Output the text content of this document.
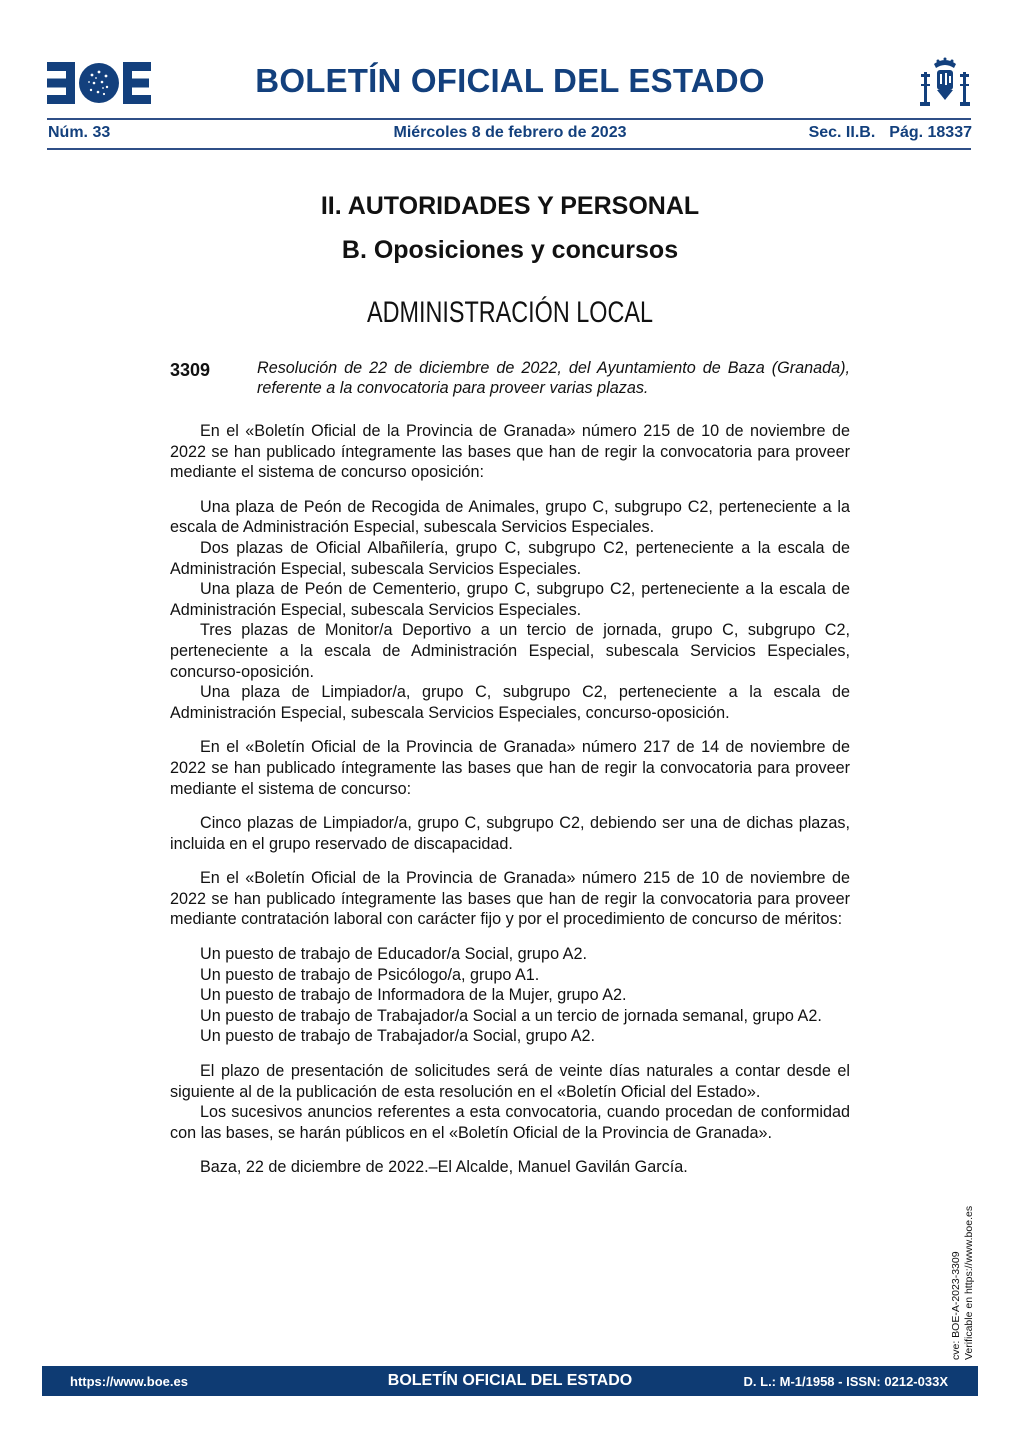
BOLETÍN OFICIAL DEL ESTADO
Núm. 33	Miércoles 8 de febrero de 2023	Sec. II.B. Pág. 18337
II. AUTORIDADES Y PERSONAL
B. Oposiciones y concursos
ADMINISTRACIÓN LOCAL
3309	Resolución de 22 de diciembre de 2022, del Ayuntamiento de Baza (Granada), referente a la convocatoria para proveer varias plazas.

En el «Boletín Oficial de la Provincia de Granada» número 215 de 10 de noviembre de 2022 se han publicado íntegramente las bases que han de regir la convocatoria para proveer mediante el sistema de concurso oposición:

Una plaza de Peón de Recogida de Animales, grupo C, subgrupo C2, perteneciente a la escala de Administración Especial, subescala Servicios Especiales.

Dos plazas de Oficial Albañilería, grupo C, subgrupo C2, perteneciente a la escala de Administración Especial, subescala Servicios Especiales.

Una plaza de Peón de Cementerio, grupo C, subgrupo C2, perteneciente a la escala de Administración Especial, subescala Servicios Especiales.

Tres plazas de Monitor/a Deportivo a un tercio de jornada, grupo C, subgrupo C2, perteneciente a la escala de Administración Especial, subescala Servicios Especiales, concurso-oposición.

Una plaza de Limpiador/a, grupo C, subgrupo C2, perteneciente a la escala de Administración Especial, subescala Servicios Especiales, concurso-oposición.

En el «Boletín Oficial de la Provincia de Granada» número 217 de 14 de noviembre de 2022 se han publicado íntegramente las bases que han de regir la convocatoria para proveer mediante el sistema de concurso:

Cinco plazas de Limpiador/a, grupo C, subgrupo C2, debiendo ser una de dichas plazas, incluida en el grupo reservado de discapacidad.

En el «Boletín Oficial de la Provincia de Granada» número 215 de 10 de noviembre de 2022 se han publicado íntegramente las bases que han de regir la convocatoria para proveer mediante contratación laboral con carácter fijo y por el procedimiento de concurso de méritos:

Un puesto de trabajo de Educador/a Social, grupo A2.

Un puesto de trabajo de Psicólogo/a, grupo A1.

Un puesto de trabajo de Informadora de la Mujer, grupo A2.

Un puesto de trabajo de Trabajador/a Social a un tercio de jornada semanal, grupo A2.

Un puesto de trabajo de Trabajador/a Social, grupo A2.

El plazo de presentación de solicitudes será de veinte días naturales a contar desde el siguiente al de la publicación de esta resolución en el «Boletín Oficial del Estado».

Los sucesivos anuncios referentes a esta convocatoria, cuando procedan de conformidad con las bases, se harán públicos en el «Boletín Oficial de la Provincia de Granada».

Baza, 22 de diciembre de 2022.–El Alcalde, Manuel Gavilán García.

cve: BOE-A-2023-3309 Verificable en https://www.boe.es
https://www.boe.es	BOLETÍN OFICIAL DEL ESTADO	D. L.: M-1/1958 - ISSN: 0212-033X
